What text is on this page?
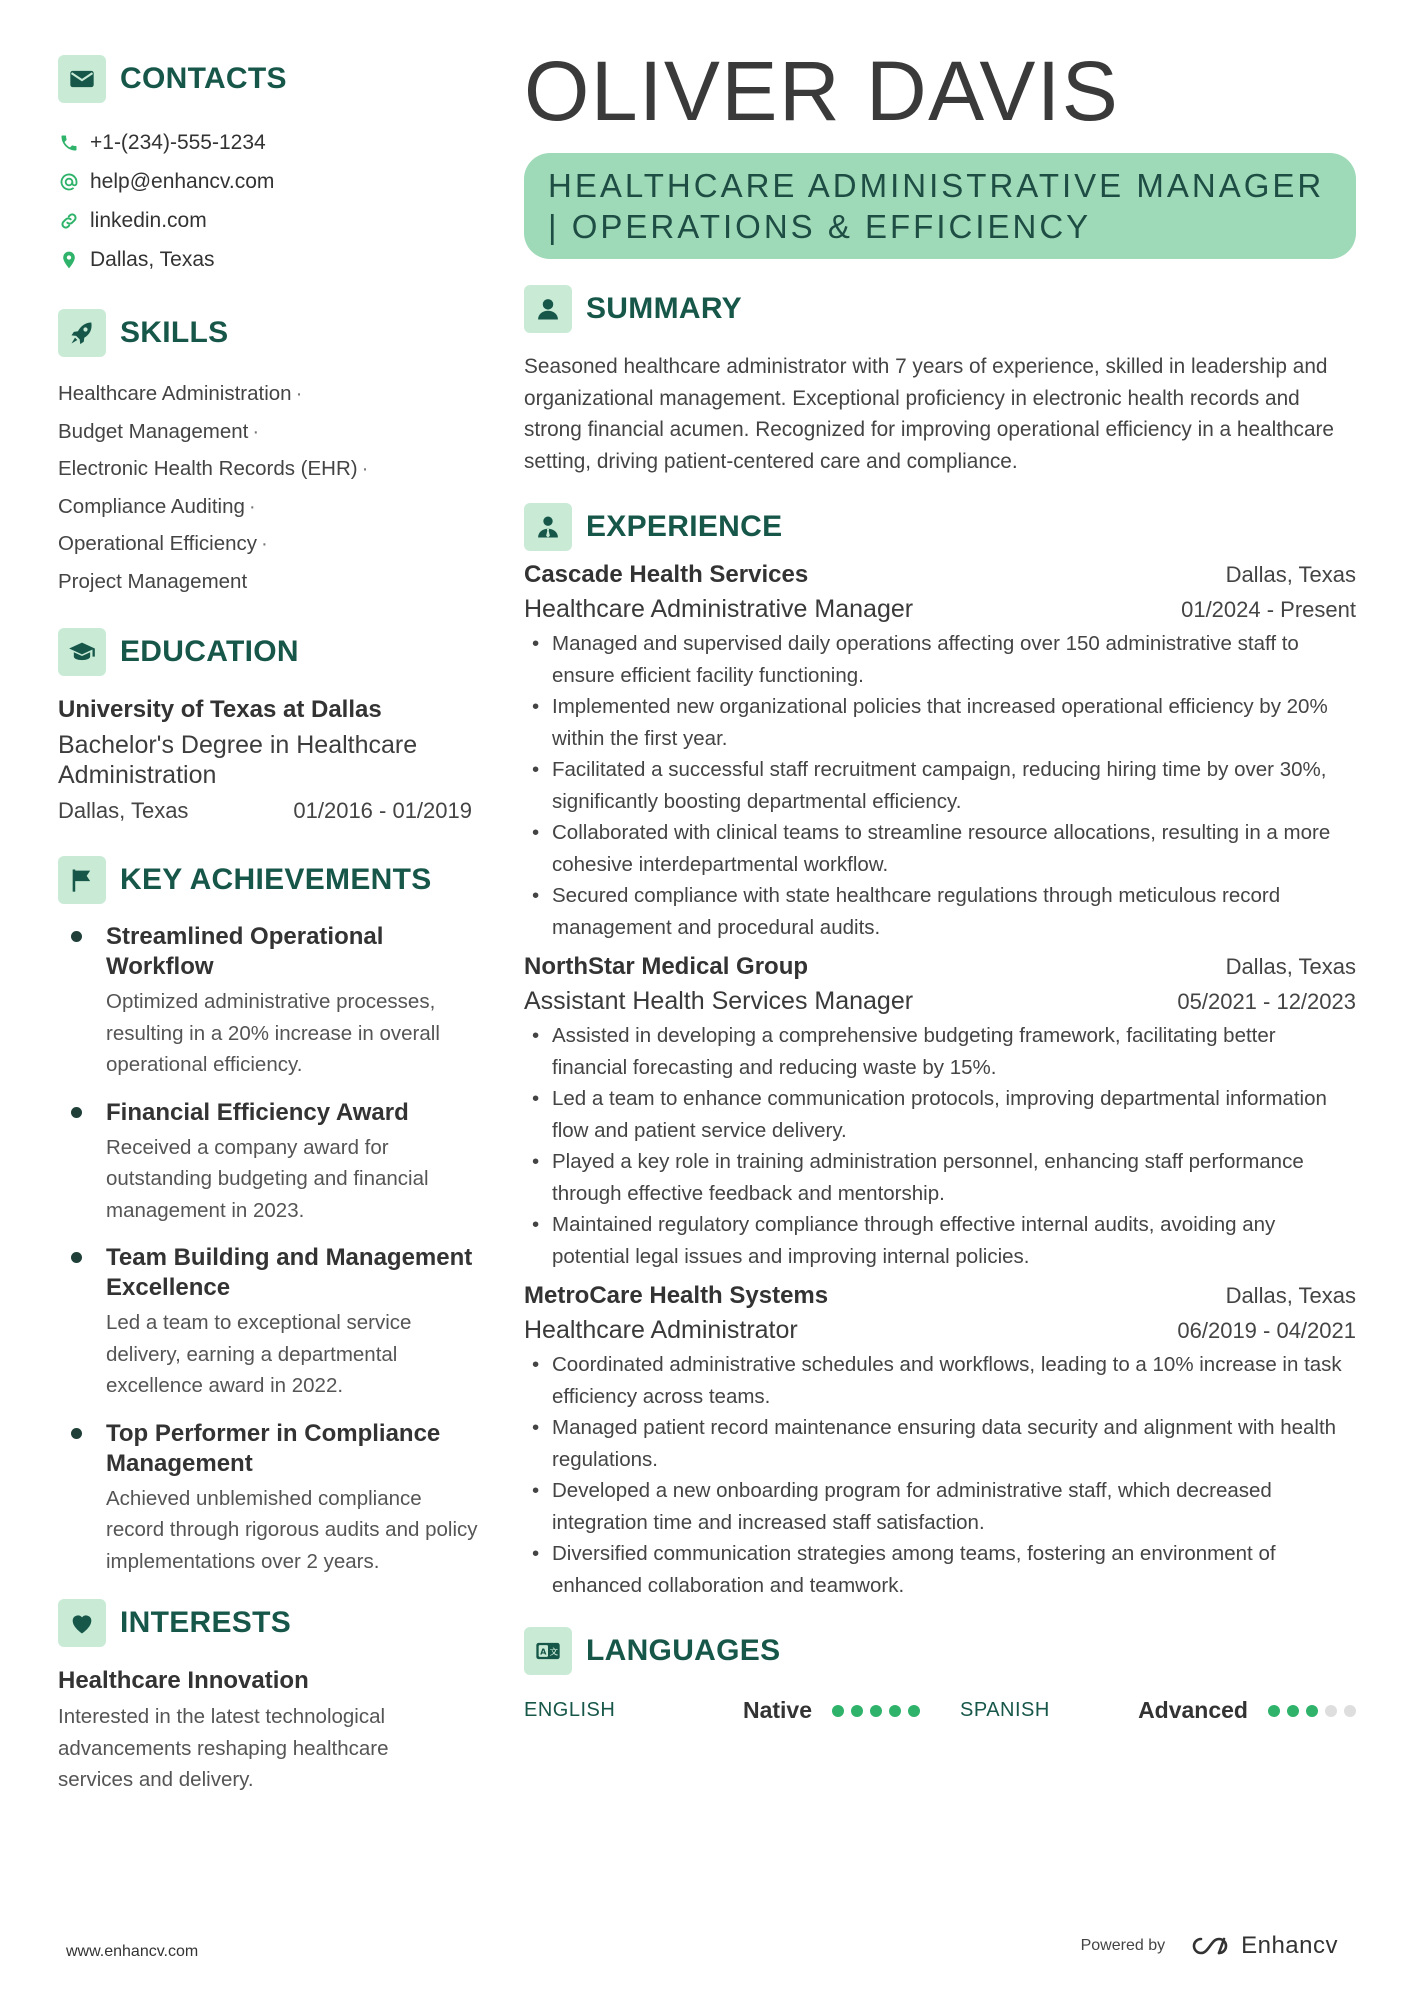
CONTACTS
+1-(234)-555-1234
help@enhancv.com
linkedin.com
Dallas, Texas
SKILLS
Healthcare Administration ·
Budget Management ·
Electronic Health Records (EHR) ·
Compliance Auditing ·
Operational Efficiency ·
Project Management
EDUCATION
University of Texas at Dallas
Bachelor's Degree in Healthcare Administration
Dallas, Texas	01/2016 - 01/2019
KEY ACHIEVEMENTS
Streamlined Operational Workflow
Optimized administrative processes, resulting in a 20% increase in overall operational efficiency.
Financial Efficiency Award
Received a company award for outstanding budgeting and financial management in 2023.
Team Building and Management Excellence
Led a team to exceptional service delivery, earning a departmental excellence award in 2022.
Top Performer in Compliance Management
Achieved unblemished compliance record through rigorous audits and policy implementations over 2 years.
INTERESTS
Healthcare Innovation
Interested in the latest technological advancements reshaping healthcare services and delivery.
OLIVER DAVIS
HEALTHCARE ADMINISTRATIVE MANAGER | OPERATIONS & EFFICIENCY
SUMMARY
Seasoned healthcare administrator with 7 years of experience, skilled in leadership and organizational management. Exceptional proficiency in electronic health records and strong financial acumen. Recognized for improving operational efficiency in a healthcare setting, driving patient-centered care and compliance.
EXPERIENCE
Cascade Health Services	Dallas, Texas
Healthcare Administrative Manager	01/2024 - Present
• Managed and supervised daily operations affecting over 150 administrative staff to ensure efficient facility functioning.
• Implemented new organizational policies that increased operational efficiency by 20% within the first year.
• Facilitated a successful staff recruitment campaign, reducing hiring time by over 30%, significantly boosting departmental efficiency.
• Collaborated with clinical teams to streamline resource allocations, resulting in a more cohesive interdepartmental workflow.
• Secured compliance with state healthcare regulations through meticulous record management and procedural audits.
NorthStar Medical Group	Dallas, Texas
Assistant Health Services Manager	05/2021 - 12/2023
• Assisted in developing a comprehensive budgeting framework, facilitating better financial forecasting and reducing waste by 15%.
• Led a team to enhance communication protocols, improving departmental information flow and patient service delivery.
• Played a key role in training administration personnel, enhancing staff performance through effective feedback and mentorship.
• Maintained regulatory compliance through effective internal audits, avoiding any potential legal issues and improving internal policies.
MetroCare Health Systems	Dallas, Texas
Healthcare Administrator	06/2019 - 04/2021
• Coordinated administrative schedules and workflows, leading to a 10% increase in task efficiency across teams.
• Managed patient record maintenance ensuring data security and alignment with health regulations.
• Developed a new onboarding program for administrative staff, which decreased integration time and increased staff satisfaction.
• Diversified communication strategies among teams, fostering an environment of enhanced collaboration and teamwork.
A 文 LANGUAGES
ENGLISH	Native	SPANISH	Advanced
www.enhancv.com	Powered by	Enhancv
